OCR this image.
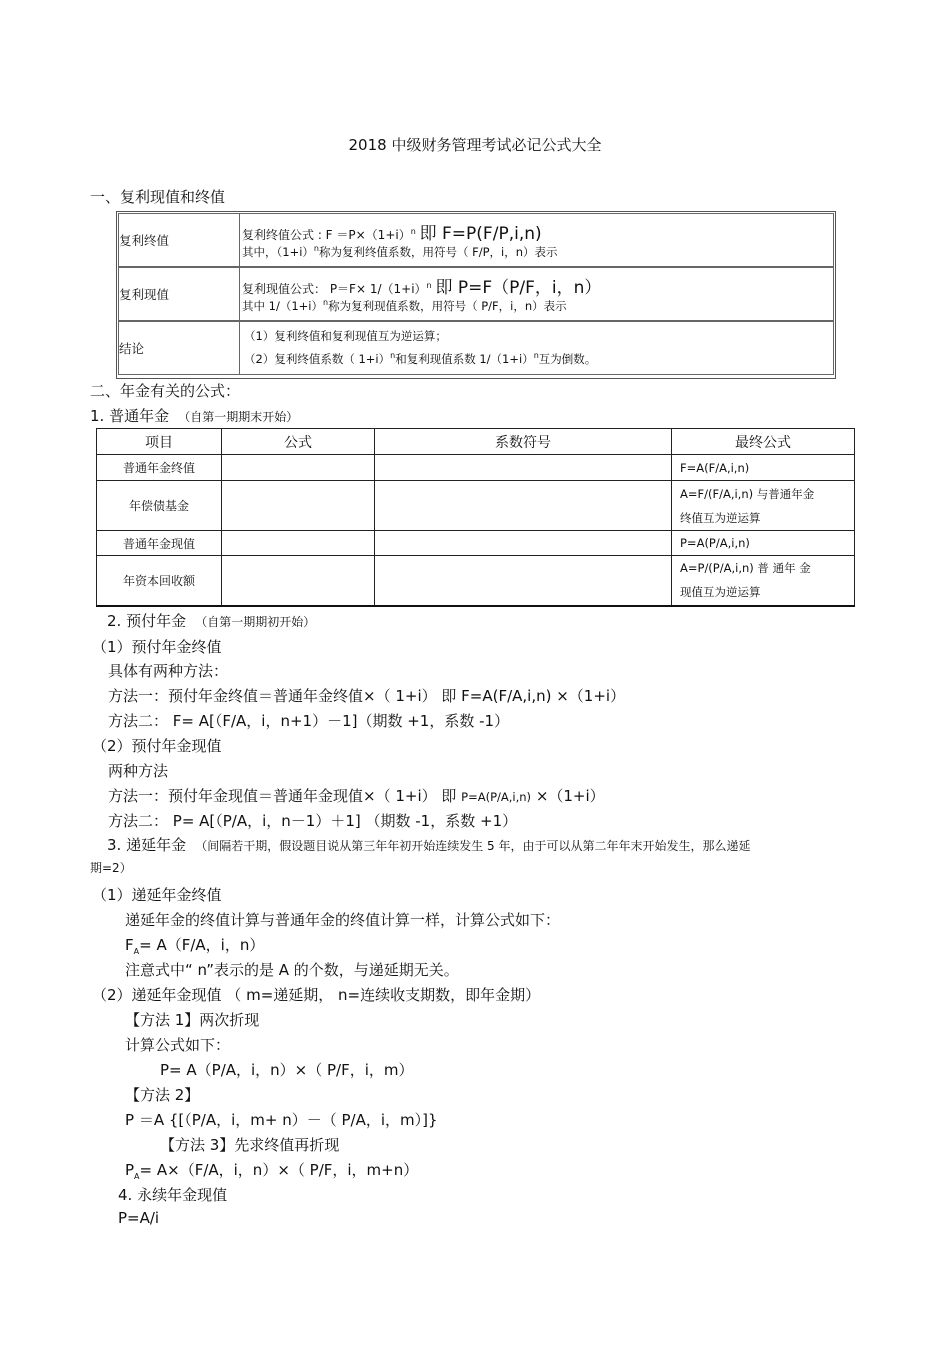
2018 中级财务管理考试必记公式大全
一、复利现值和终值
复利终值	复利终值公式 : $F =P\times(1+i)^n$ 即 F=P(F/P,i,n)
其中，$(1+i)^n$称为复利终值系数，用符号（ F/P，i，n）表示
复利现值	复利现值公式： $P=F\times 1/(1+i)^n$ 即 P=F（P/F，i，n）
其中 $1/(1+i)^n$称为复利现值系数，用符号（ P/F，i，n）表示
结论
（1）复利终值和复利现值互为逆运算；
（2）复利终值系数（ 1+i）$^n$和复利现值系数 $1/(1+i)^n$互为倒数。
二、年金有关的公式：
1. 普通年金 （自第一期期末开始）
项目	公式	系数符号	最终公式
普通年金终值			F=A(F/A,i,n)

年偿债基金			A=F/(F/A,i,n) 与普通年金
终值互为逆运算

普通年金现值			P=A(P/A,i,n)

年资本回收额			A=P/(P/A,i,n) 普 通年 金
现值互为逆运算
2. 预付年金 （自第一期期初开始）
（1）预付年金终值
具体有两种方法：
方法一：预付年金终值＝普通年金终值×（ 1+i） 即 F=A(F/A,i,n) ×（1+i）
方法二： F= A[（F/A，i，n+1）－1]（期数 +1，系数 -1）
（2）预付年金现值
两种方法
方法一：预付年金现值＝普通年金现值×（ 1+i） 即 P=A(P/A,i,n) ×（1+i）
方法二： P= A[（P/A，i，n－1）＋1] （期数 -1，系数 +1）
3. 递延年金 （间隔若干期，假设题目说从第三年年初开始连续发生 5 年，由于可以从第二年年末开始发生，那么递延
期=2）
（1）递延年金终值
递延年金的终值计算与普通年金的终值计算一样，计算公式如下：
$F_A= A(F/A$，i，n）
注意式中“ n”表示的是 A 的个数，与递延期无关。
（2）递延年金现值 （ m=递延期， n=连续收支期数，即年金期）
【方法 1】两次折现
计算公式如下：
P= A（P/A，i，n）×（ P/F，i，m）
【方法 2】
P ＝A {[（P/A，i，m+ n）－（ P/A，i，m）]}
【方法 3】先求终值再折现
$P_A= A\times(F/A$，i，n）×（ P/F，i，m+n）
4. 永续年金现值
P=A/i
